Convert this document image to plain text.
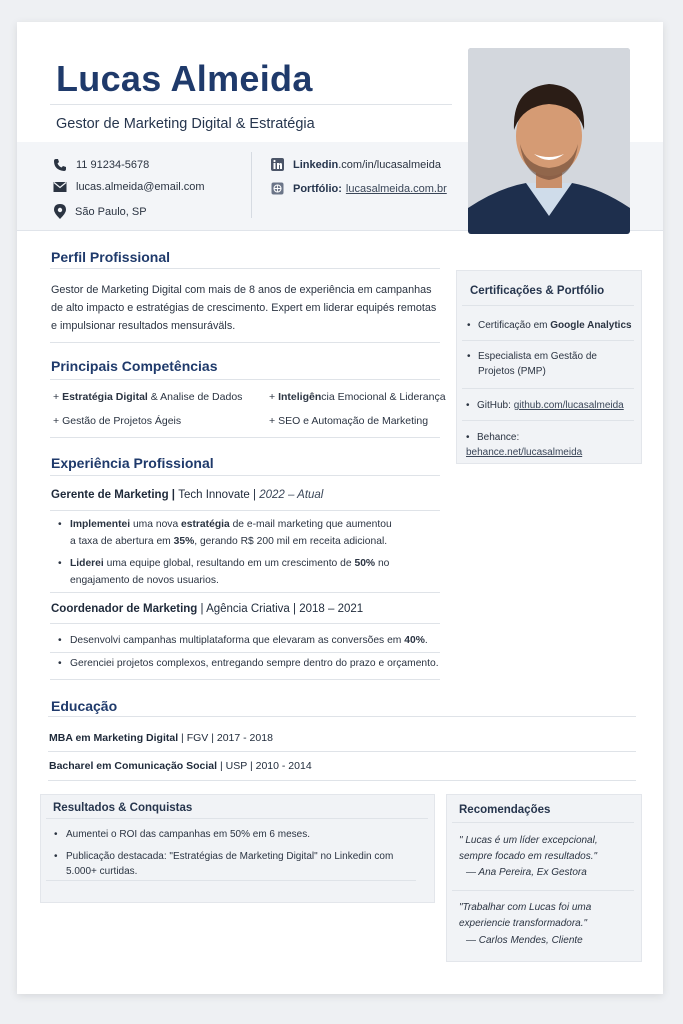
Lucas Almeida
Gestor de Marketing Digital & Estratégia
11 91234-5678
lucas.almeida@email.com
São Paulo, SP
Linkedin .com/in/lucasalmeida
Portfólio: lucasalmeida.com.br
Perfil Profissional
Gestor de Marketing Digital com mais de 8 anos de experiência em campanhas de alto impacto e estratégias de crescimento. Expert em liderar equipés remotas e impulsionar resultados mensuráväls.
Principais Competências
+ Estratégia Digital & Analise de Dados	+ Inteligência Emocional & Liderança
+ Gestão de Projetos Ágeis	+ SEO e Automação de Marketing
Experiência Profissional
Gerente de Marketing | Tech Innovate | 2022 – Atual
• Implementei uma nova estratégia de e-mail marketing que aumentou
a taxa de abertura em 35%, gerando R$ 200 mil em receita adicional.
• Liderei uma equipe global, resultando em um crescimento de 50% no
engajamento de novos usuarios.
Coordenador de Marketing | Agência Criativa | 2018 – 2021
• Desenvolvi campanhas multiplataforma que elevaram as conversões em 40%.
• Gerenciei projetos complexos, entregando sempre dentro do prazo e orçamento.
Educação
MBA em Marketing Digital | FGV | 2017 - 2018
Bacharel em Comunicação Social | USP | 2010 - 2014
Certificações & Portfólio
• Certificação em Google Analytics
• Especialista em Gestão de Projetos (PMP)
• GitHub: github.com/lucasalmeida
• Behance: behance.net/lucasalmeida
Resultados & Conquistas
• Aumentei o ROI das campanhas em 50% em 6 meses.
• Publicação destacada: "Estratégias de Marketing Digital" no Linkedin com 5.000+ curtidas.
Recomendações
" Lucas é um líder excepcional, sempre focado em resultados."
— Ana Pereira, Ex Gestora
"Trabalhar com Lucas foi uma experiencie transformadora."
— Carlos Mendes, Cliente
